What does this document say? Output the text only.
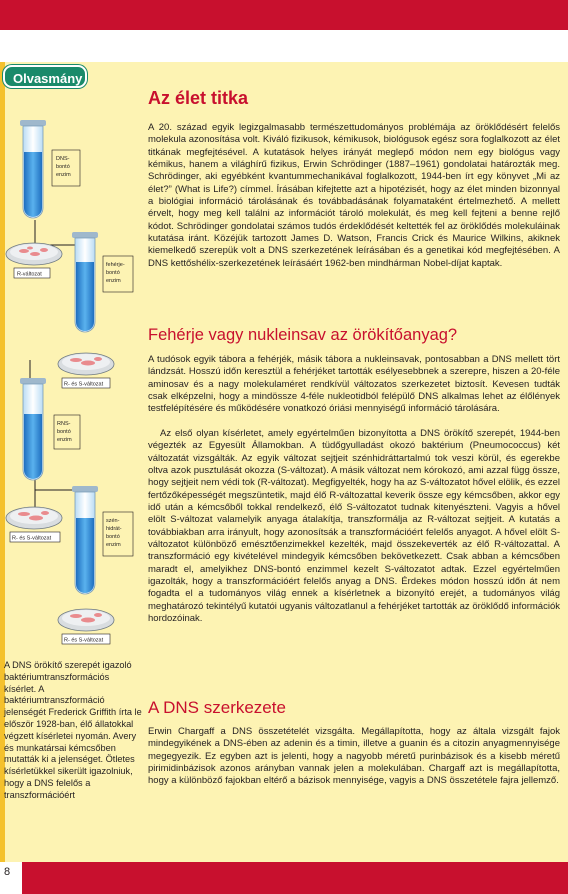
Olvasmány
DNS-
bontó
enzim
R-változat
fehérje-
bontó
enzim
R- és S-változat
RNS-
bontó
enzim
R- és S-változat
szén-
hidrát-
bontó
enzim
R- és S-változat
A DNS örökítő szerepét igazoló baktériumtranszformációs kísérlet. A baktériumtranszformáció jelenségét Frederick Griffith írta le először 1928-ban, élő állatokkal végzett kísérletei nyomán. Avery és munkatársai kémcsőben mutatták ki a jelenséget. Ötletes kísérletükkel sikerült igazolniuk, hogy a DNS felelős a transzformációért
Az élet titka
A 20. század egyik legizgalmasabb természettudományos problémája az öröklődésért felelős molekula azonosítása volt. Kiváló fizikusok, kémikusok, biológusok egész sora foglalkozott az élet titkának megfejtésével. A kutatások helyes irányát meglepő módon nem egy biológus vagy kémikus, hanem a világhírű fizikus, Erwin Schrödinger (1887–1961) gondolatai határozták meg. Schrödinger, aki egyébként kvantummechanikával foglalkozott, 1944-ben írt egy könyvet „Mi az élet?” (What is Life?) címmel. Írásában kifejtette azt a hipotézisét, hogy az élet minden bizonnyal a biológiai információ tárolásának és továbbadásának folyamataként értelmezhető. A mellett érvelt, hogy meg kell találni az információt tároló molekulát, és meg kell fejteni a benne rejlő kódot. Schrödinger gondolatai számos tudós érdeklődését keltették fel az öröklődés molekuláinak kutatása iránt. Közéjük tartozott James D. Watson, Francis Crick és Maurice Wilkins, akiknek kiemelkedő szerepük volt a DNS szerkezetének leírásában és a genetikai kód megfejtésében. A DNS kettőshélix-szerkezetének leírásáért 1962-ben mindhárman Nobel-díjat kaptak.
Fehérje vagy nukleinsav az örökítőanyag?
A tudósok egyik tábora a fehérjék, másik tábora a nukleinsavak, pontosabban a DNS mellett tört lándzsát. Hosszú időn keresztül a fehérjéket tartották esélyesebbnek a szerepre, hiszen a 20-féle aminosav és a nagy molekulaméret rendkívül változatos szerkezetet biztosít. Kevesen tudták csak elképzelni, hogy a mindössze 4-féle nukleotidból felépülő DNS alkalmas lehet az élőlények testfelépítésére és működésére vonatkozó óriási mennyiségű információ tárolására.
Az első olyan kísérletet, amely egyértelműen bizonyította a DNS örökítő szerepét, 1944-ben végezték az Egyesült Államokban. A tüdőgyulladást okozó baktérium (Pneumococcus) két változatát vizsgálták. Az egyik változat sejtjeit szénhidráttartalmú tok veszi körül, és egerekbe oltva azok pusztulását okozza (S-változat). A másik változat nem kórokozó, ami azzal függ össze, hogy sejtjeit nem védi tok (R-változat). Megfigyelték, hogy ha az S-változatot hővel elölik, és ezzel fertőzőképességét megszüntetik, majd élő R-változattal keverik össze egy kémcsőben, akkor egy idő után a kémcsőből tokkal rendelkező, élő S-változatot tudnak kitenyészteni. Vagyis a hővel elölt S-változat valamelyik anyaga átalakítja, transzformálja az R-változat sejtjeit. A kutatás a továbbiakban arra irányult, hogy azonosítsák a transzformációért felelős anyagot. A hővel elölt S-változatot különböző emésztőenzimekkel kezelték, majd összekeverték az élő R-változattal. A transzformáció egy kivételével mindegyik kémcsőben bekövetkezett. Csak abban a kémcsőben maradt el, amelyikhez DNS-bontó enzimmel kezelt S-változatot adtak. Ezzel egyértelműen igazolták, hogy a transzformációért felelős anyag a DNS. Érdekes módon hosszú időn át nem fogadta el a tudományos világ ennek a kísérletnek a bizonyító erejét, a tudományos világ meghatározó tekintélyű kutatói ugyanis változatlanul a fehérjéket tartották az öröklődő információk hordozóinak.
A DNS szerkezete
Erwin Chargaff a DNS összetételét vizsgálta. Megállapította, hogy az általa vizsgált fajok mindegyikének a DNS-ében az adenin és a timin, illetve a guanin és a citozin anyagmennyisége megegyezik. Ez egyben azt is jelenti, hogy a nagyobb méretű purinbázisok és a kisebb méretű pirimidinbázisok azonos arányban vannak jelen a molekulában. Chargaff azt is megállapította, hogy a különböző fajokban eltérő a bázisok mennyisége, vagyis a DNS összetétele fajra jellemző.
8
